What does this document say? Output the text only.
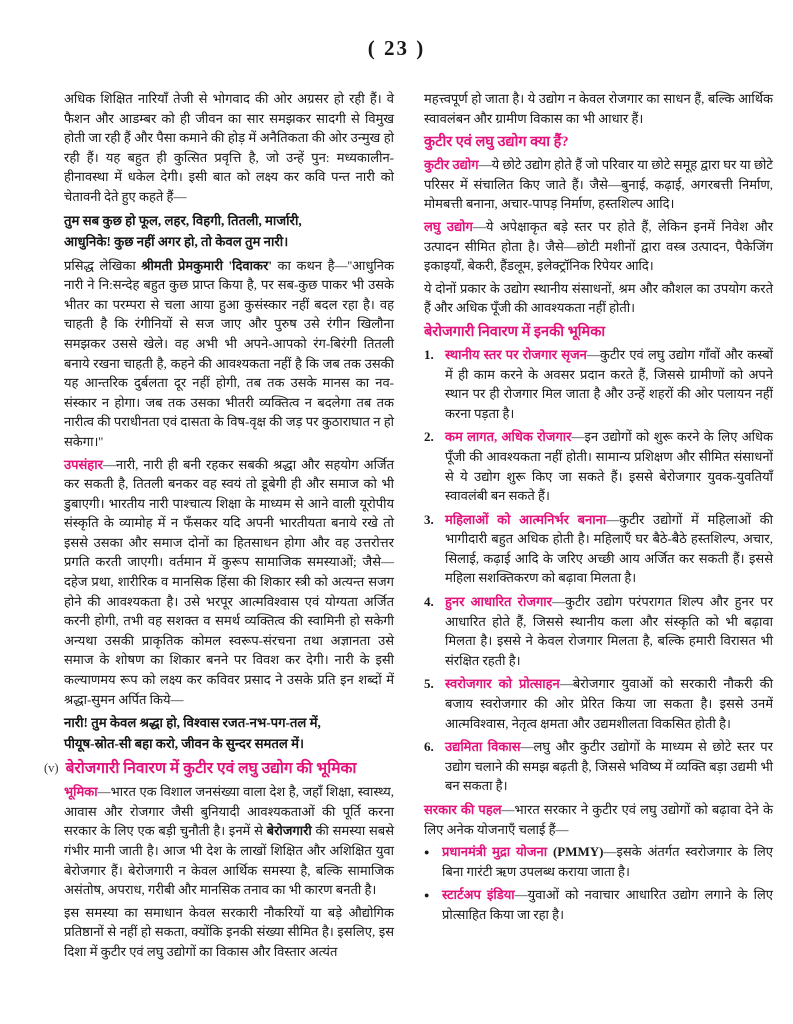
( 23 )

अधिक शिक्षित नारियाँ तेजी से भोगवाद की ओर अग्रसर हो रही हैं। वे फैशन और आडम्बर को ही जीवन का सार समझकर सादगी से विमुख होती जा रही हैं और पैसा कमाने की होड़ में अनैतिकता की ओर उन्मुख हो रही हैं। यह बहुत ही कुत्सित प्रवृत्ति है, जो उन्हें पुन: मध्यकालीन-हीनावस्था में धकेल देगी। इसी बात को लक्ष्य कर कवि पन्त नारी को चेतावनी देते हुए कहते हैं—

तुम सब कुछ हो फूल, लहर, विहगी, तितली, मार्जारी,
आधुनिके! कुछ नहीं अगर हो, तो केवल तुम नारी।

प्रसिद्ध लेखिका श्रीमती प्रेमकुमारी 'दिवाकर' का कथन है—''आधुनिक नारी ने नि:सन्देह बहुत कुछ प्राप्त किया है, पर सब-कुछ पाकर भी उसके भीतर का परम्परा से चला आया हुआ कुसंस्कार नहीं बदल रहा है। वह चाहती है कि रंगीनियों से सज जाए और पुरुष उसे रंगीन खिलौना समझकर उससे खेले। वह अभी भी अपने-आपको रंग-बिरंगी तितली बनाये रखना चाहती है, कहने की आवश्यकता नहीं है कि जब तक उसकी यह आन्तरिक दुर्बलता दूर नहीं होगी, तब तक उसके मानस का नव-संस्कार न होगा। जब तक उसका भीतरी व्यक्तित्व न बदलेगा तब तक नारीत्व की पराधीनता एवं दासता के विष-वृक्ष की जड़ पर कुठाराघात न हो सकेगा।''

उपसंहार—नारी, नारी ही बनी रहकर सबकी श्रद्धा और सहयोग अर्जित कर सकती है, तितली बनकर वह स्वयं तो डूबेगी ही और समाज को भी डुबाएगी। भारतीय नारी पाश्चात्य शिक्षा के माध्यम से आने वाली यूरोपीय संस्कृति के व्यामोह में न फँसकर यदि अपनी भारतीयता बनाये रखे तो इससे उसका और समाज दोनों का हितसाधन होगा और वह उत्तरोत्तर प्रगति करती जाएगी। वर्तमान में कुरूप सामाजिक समस्याओं; जैसे—दहेज प्रथा, शारीरिक व मानसिक हिंसा की शिकार स्त्री को अत्यन्त सजग होने की आवश्यकता है। उसे भरपूर आत्मविश्वास एवं योग्यता अर्जित करनी होगी, तभी वह सशक्त व समर्थ व्यक्तित्व की स्वामिनी हो सकेगी अन्यथा उसकी प्राकृतिक कोमल स्वरूप-संरचना तथा अज्ञानता उसे समाज के शोषण का शिकार बनने पर विवश कर देगी। नारी के इसी कल्याणमय रूप को लक्ष्य कर कविवर प्रसाद ने उसके प्रति इन शब्दों में श्रद्धा-सुमन अर्पित किये—

नारी! तुम केवल श्रद्धा हो, विश्वास रजत-नभ-पग-तल में,
पीयूष-स्रोत-सी बहा करो, जीवन के सुन्दर समतल में।
(v) बेरोजगारी निवारण में कुटीर एवं लघु उद्योग की भूमिका

भूमिका—भारत एक विशाल जनसंख्या वाला देश है, जहाँ शिक्षा, स्वास्थ्य, आवास और रोजगार जैसी बुनियादी आवश्यकताओं की पूर्ति करना सरकार के लिए एक बड़ी चुनौती है। इनमें से बेरोजगारी की समस्या सबसे गंभीर मानी जाती है। आज भी देश के लाखों शिक्षित और अशिक्षित युवा बेरोजगार हैं। बेरोजगारी न केवल आर्थिक समस्या है, बल्कि सामाजिक असंतोष, अपराध, गरीबी और मानसिक तनाव का भी कारण बनती है।

इस समस्या का समाधान केवल सरकारी नौकरियों या बड़े औद्योगिक प्रतिष्ठानों से नहीं हो सकता, क्योंकि इनकी संख्या सीमित है। इसलिए, इस दिशा में कुटीर एवं लघु उद्योगों का विकास और विस्तार अत्यंत

महत्त्वपूर्ण हो जाता है। ये उद्योग न केवल रोजगार का साधन हैं, बल्कि आर्थिक स्वावलंबन और ग्रामीण विकास का भी आधार हैं।

कुटीर एवं लघु उद्योग क्या हैं?

कुटीर उद्योग—ये छोटे उद्योग होते हैं जो परिवार या छोटे समूह द्वारा घर या छोटे परिसर में संचालित किए जाते हैं। जैसे—बुनाई, कढ़ाई, अगरबत्ती निर्माण, मोमबत्ती बनाना, अचार-पापड़ निर्माण, हस्तशिल्प आदि।

लघु उद्योग—ये अपेक्षाकृत बड़े स्तर पर होते हैं, लेकिन इनमें निवेश और उत्पादन सीमित होता है। जैसे—छोटी मशीनों द्वारा वस्त्र उत्पादन, पैकेजिंग इकाइयाँ, बेकरी, हैंडलूम, इलेक्ट्रॉनिक रिपेयर आदि।

ये दोनों प्रकार के उद्योग स्थानीय संसाधनों, श्रम और कौशल का उपयोग करते हैं और अधिक पूँजी की आवश्यकता नहीं होती।

बेरोजगारी निवारण में इनकी भूमिका
1. स्थानीय स्तर पर रोजगार सृजन—कुटीर एवं लघु उद्योग गाँवों और कस्बों में ही काम करने के अवसर प्रदान करते हैं, जिससे ग्रामीणों को अपने स्थान पर ही रोजगार मिल जाता है और उन्हें शहरों की ओर पलायन नहीं करना पड़ता है।

2. कम लागत, अधिक रोजगार—इन उद्योगों को शुरू करने के लिए अधिक पूँजी की आवश्यकता नहीं होती। सामान्य प्रशिक्षण और सीमित संसाधनों से ये उद्योग शुरू किए जा सकते हैं। इससे बेरोजगार युवक-युवतियाँ स्वावलंबी बन सकते हैं।

3. महिलाओं को आत्मनिर्भर बनाना—कुटीर उद्योगों में महिलाओं की भागीदारी बहुत अधिक होती है। महिलाएँ घर बैठे-बैठे हस्तशिल्प, अचार, सिलाई, कढ़ाई आदि के जरिए अच्छी आय अर्जित कर सकती हैं। इससे महिला सशक्तिकरण को बढ़ावा मिलता है।

4. हुनर आधारित रोजगार—कुटीर उद्योग परंपरागत शिल्प और हुनर पर आधारित होते हैं, जिससे स्थानीय कला और संस्कृति को भी बढ़ावा मिलता है। इससे ने केवल रोजगार मिलता है, बल्कि हमारी विरासत भी संरक्षित रहती है।

5. स्वरोजगार को प्रोत्साहन—बेरोजगार युवाओं को सरकारी नौकरी की बजाय स्वरोजगार की ओर प्रेरित किया जा सकता है। इससे उनमें आत्मविश्वास, नेतृत्व क्षमता और उद्यमशीलता विकसित होती है।

6. उद्यमिता विकास—लघु और कुटीर उद्योगों के माध्यम से छोटे स्तर पर उद्योग चलाने की समझ बढ़ती है, जिससे भविष्य में व्यक्ति बड़ा उद्यमी भी बन सकता है।

सरकार की पहल—भारत सरकार ने कुटीर एवं लघु उद्योगों को बढ़ावा देने के लिए अनेक योजनाएँ चलाई हैं—

● प्रधानमंत्री मुद्रा योजना (PMMY)—इसके अंतर्गत स्वरोजगार के लिए बिना गारंटी ऋण उपलब्ध कराया जाता है।

● स्टार्टअप इंडिया—युवाओं को नवाचार आधारित उद्योग लगाने के लिए प्रोत्साहित किया जा रहा है।
